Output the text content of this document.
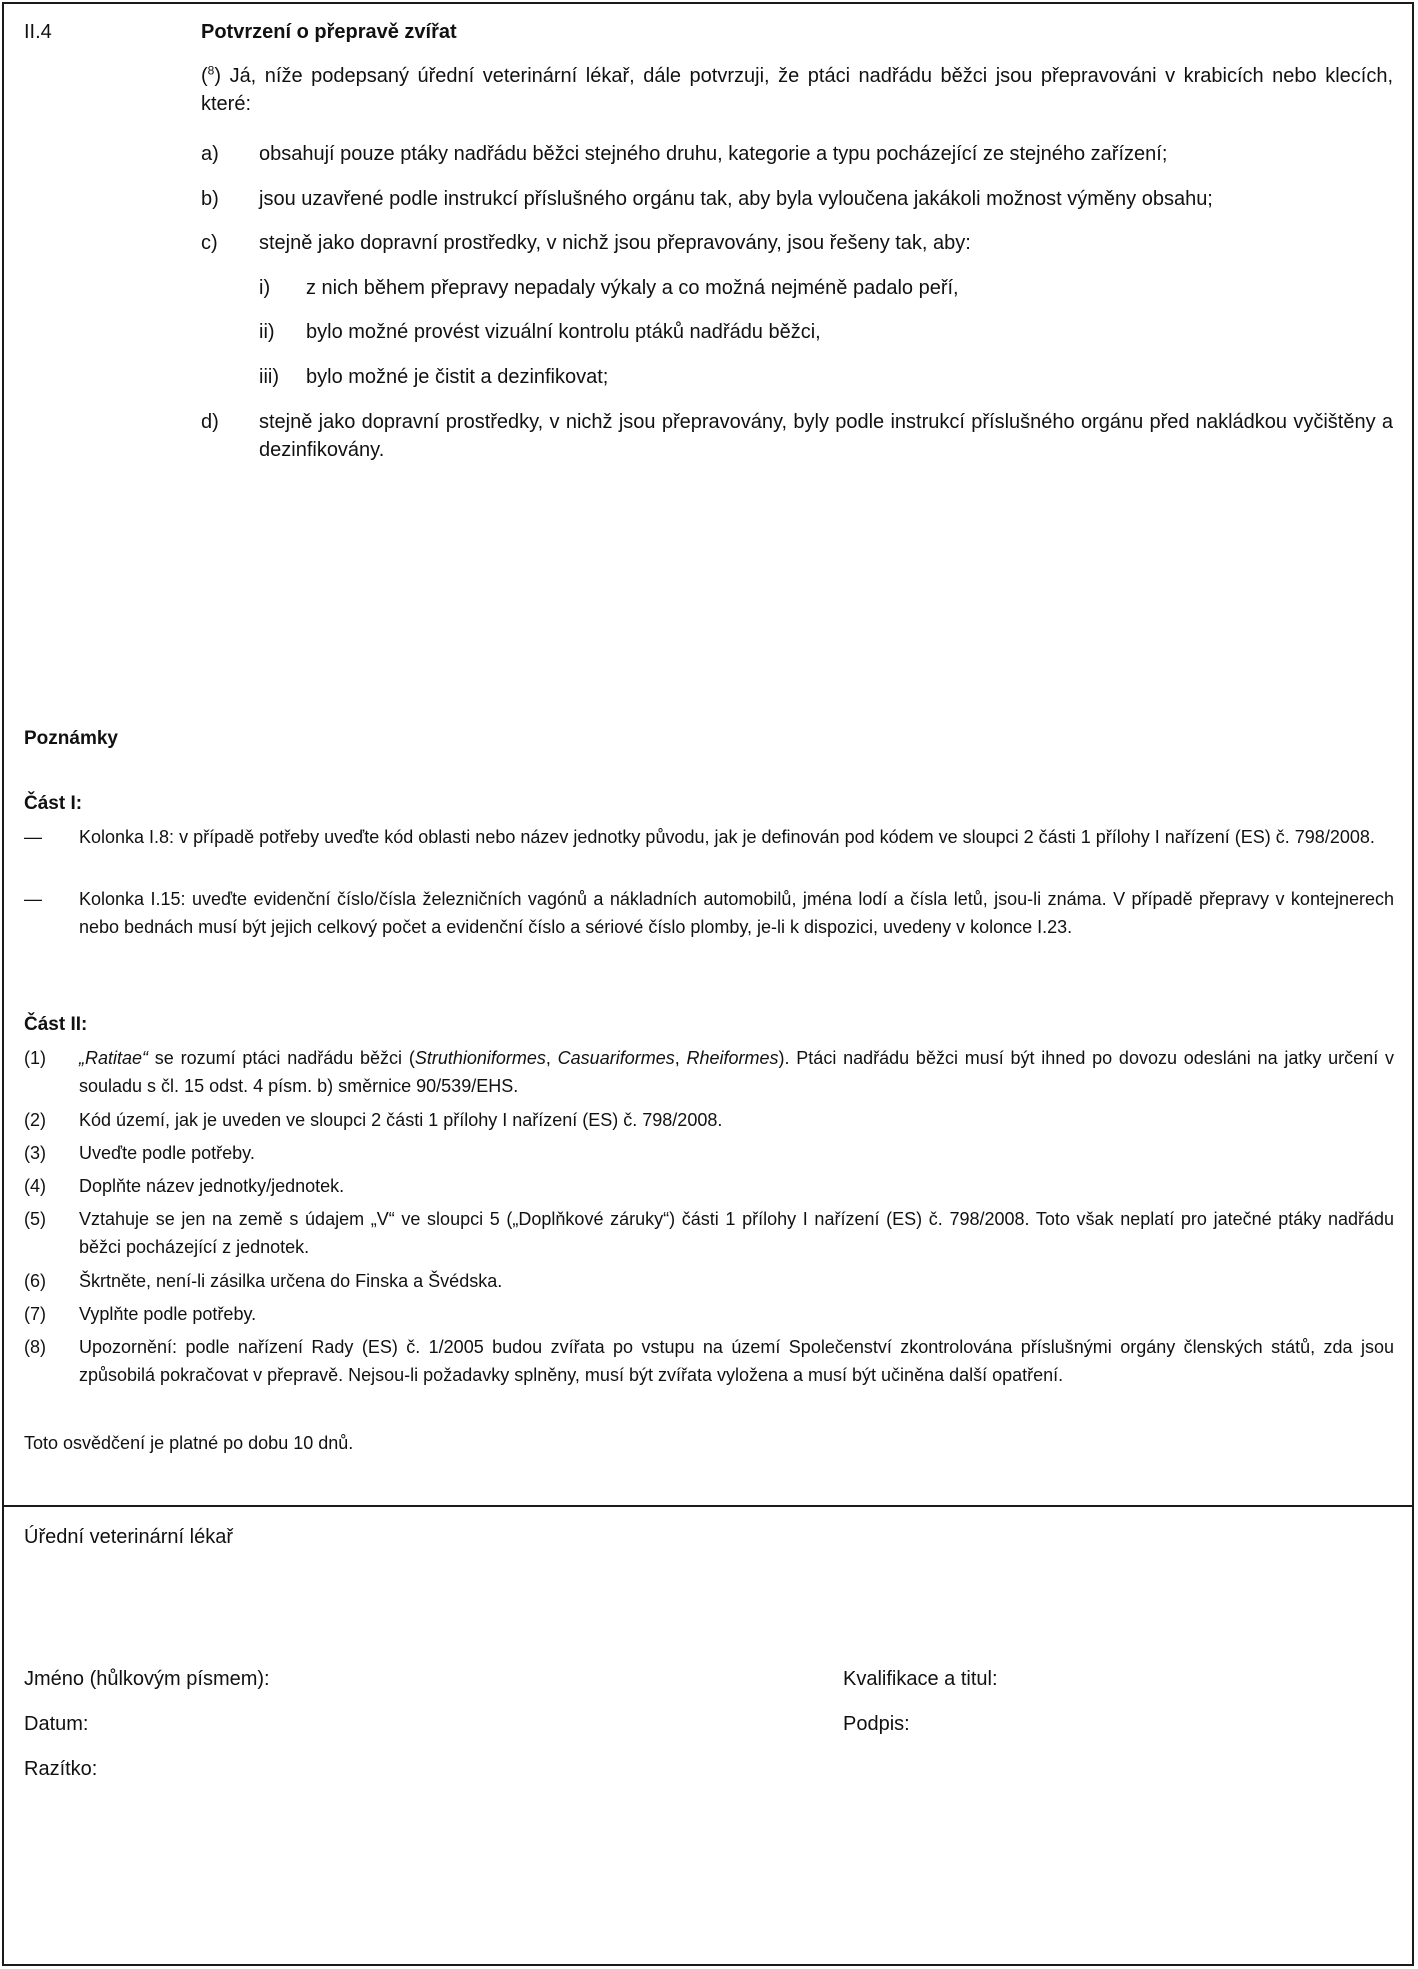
II.4	Potvrzení o přepravě zvířat
($^8$) Já, níže podepsaný úřední veterinární lékař, dále potvrzuji, že ptáci nadřádu běžci jsou přepravováni v krabicích nebo klecích, které:
a) obsahují pouze ptáky nadřádu běžci stejného druhu, kategorie a typu pocházející ze stejného zařízení;
b) jsou uzavřené podle instrukcí příslušného orgánu tak, aby byla vyloučena jakákoli možnost výměny obsahu;
c) stejně jako dopravní prostředky, v nichž jsou přepravovány, jsou řešeny tak, aby:
i) z nich během přepravy nepadaly výkaly a co možná nejméně padalo peří,
ii) bylo možné provést vizuální kontrolu ptáků nadřádu běžci,
iii) bylo možné je čistit a dezinfikovat;
d) stejně jako dopravní prostředky, v nichž jsou přepravovány, byly podle instrukcí příslušného orgánu před nakládkou vyčištěny a dezinfikovány.
Poznámky
Část I:
— Kolonka I.8: v případě potřeby uveďte kód oblasti nebo název jednotky původu, jak je definován pod kódem ve sloupci 2 části 1 přílohy I nařízení (ES) č. 798/2008.
— Kolonka I.15: uveďte evidenční číslo/čísla železničních vagónů a nákladních automobilů, jména lodí a čísla letů, jsou-li známa. V případě přepravy v kontejnerech nebo bednách musí být jejich celkový počet a evidenční číslo a sériové číslo plomby, je-li k dispozici, uvedeny v kolonce I.23.
Část II:
(1) „Ratitae“ se rozumí ptáci nadřádu běžci (Struthioniformes, Casuariformes, Rheiformes). Ptáci nadřádu běžci musí být ihned po dovozu odesláni na jatky určení v souladu s čl. 15 odst. 4 písm. b) směrnice 90/539/EHS.
(2) Kód území, jak je uveden ve sloupci 2 části 1 přílohy I nařízení (ES) č. 798/2008.
(3) Uveďte podle potřeby.
(4) Doplňte název jednotky/jednotek.
(5) Vztahuje se jen na země s údajem „V“ ve sloupci 5 („Doplňkové záruky“) části 1 přílohy I nařízení (ES) č. 798/2008. Toto však neplatí pro jatečné ptáky nadřádu běžci pocházející z jednotek.
(6) Škrtněte, není-li zásilka určena do Finska a Švédska.
(7) Vyplňte podle potřeby.
(8) Upozornění: podle nařízení Rady (ES) č. 1/2005 budou zvířata po vstupu na území Společenství zkontrolována příslušnými orgány členských států, zda jsou způsobilá pokračovat v přepravě. Nejsou-li požadavky splněny, musí být zvířata vyložena a musí být učiněna další opatření.
Toto osvědčení je platné po dobu 10 dnů.
Úřední veterinární lékař
Jméno (hůlkovým písmem):	Kvalifikace a titul:
Datum:	Podpis:
Razítko:
